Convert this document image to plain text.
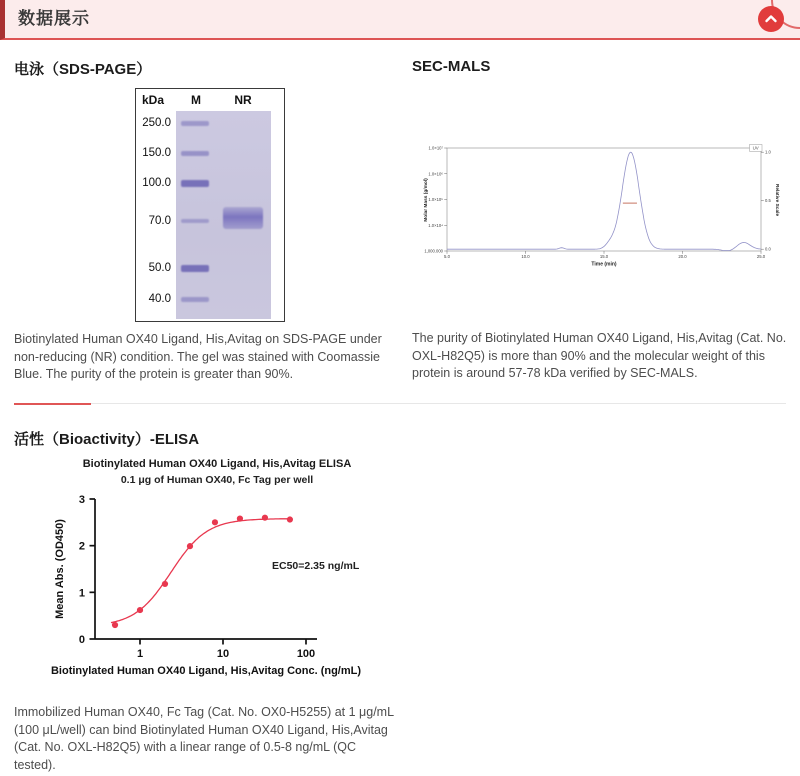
数据展示
电泳（SDS-PAGE）
kDa	M	NR
250.0
150.0
100.0
70.0
50.0
40.0

Biotinylated Human OX40 Ligand, His,Avitag on SDS-PAGE under non-reducing (NR) condition. The gel was stained with Coomassie Blue. The purity of the protein is greater than 90%.

SEC-MALS
UV
5.0	10.0	15.0	20.0	25.0
1.0×10⁷
1.0×10⁶
1.0×10⁵
1.0×10⁴
1,000.000
1.0
0.5
0.0
Time (min)
Molar Mass (g/mol)	Relative Scale

The purity of Biotinylated Human OX40 Ligand, His,Avitag (Cat. No. OXL-H82Q5) is more than 90% and the molecular weight of this protein is around 57-78 kDa verified by SEC-MALS.

活性（Bioactivity）-ELISA
Biotinylated Human OX40 Ligand, His,Avitag ELISA
0.1 μg of Human OX40, Fc Tag per well
0
1
2
3
1	10	100
EC50=2.35 ng/mL
Mean Abs. (OD450)
Biotinylated Human OX40 Ligand, His,Avitag Conc. (ng/mL)

Immobilized Human OX40, Fc Tag (Cat. No. OX0-H5255) at 1 μg/mL (100 μL/well) can bind Biotinylated Human OX40 Ligand, His,Avitag (Cat. No. OXL-H82Q5) with a linear range of 0.5-8 ng/mL (QC tested).
